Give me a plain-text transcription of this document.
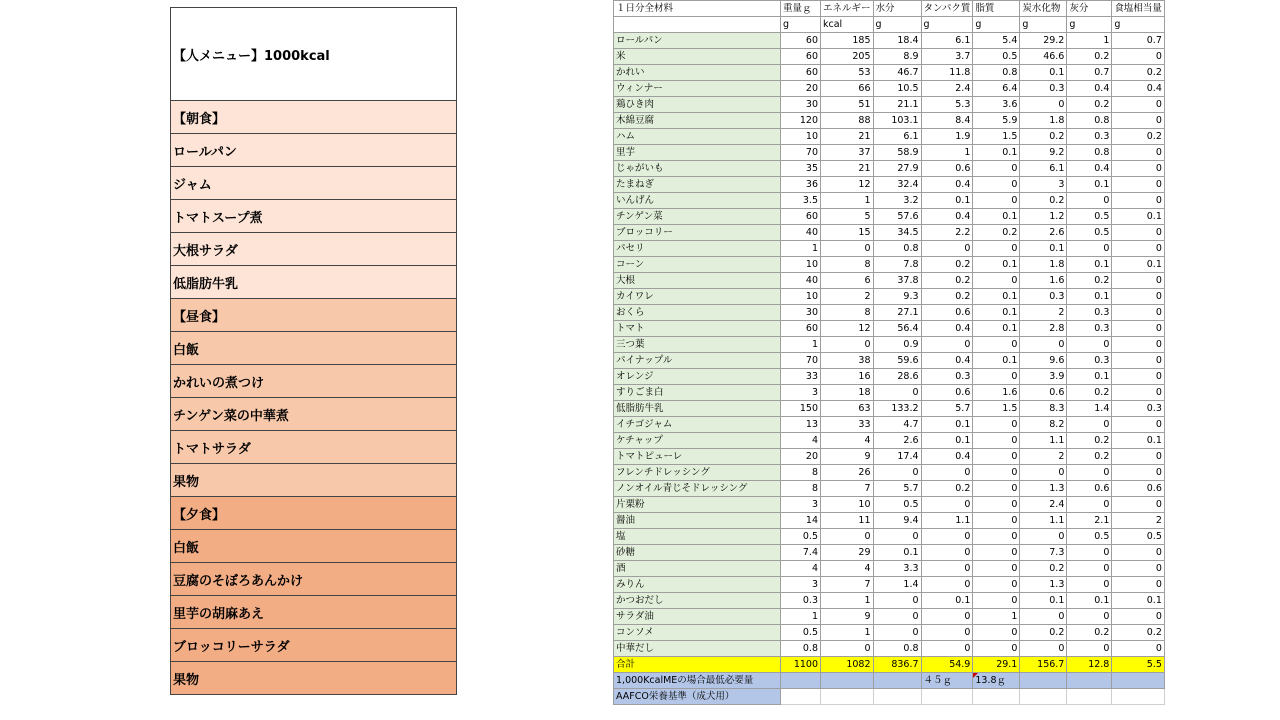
【人メニュー】1000kcal
【朝食】
ロールパン
ジャム
トマトスープ煮
大根サラダ
低脂肪牛乳
【昼食】
白飯
かれいの煮つけ
チンゲン菜の中華煮
トマトサラダ
果物
【夕食】
白飯
豆腐のそぼろあんかけ
里芋の胡麻あえ
ブロッコリーサラダ
果物
１日分全材料	重量ｇ	エネルギー	水分	タンパク質	脂質	炭水化物	灰分	食塩相当量
	g	kcal	g	g	g	g	g	g
ロールパン	60	185	18.4	6.1	5.4	29.2	1	0.7
米	60	205	8.9	3.7	0.5	46.6	0.2	0
かれい	60	53	46.7	11.8	0.8	0.1	0.7	0.2
ウィンナー	20	66	10.5	2.4	6.4	0.3	0.4	0.4
鶏ひき肉	30	51	21.1	5.3	3.6	0	0.2	0
木綿豆腐	120	88	103.1	8.4	5.9	1.8	0.8	0
ハム	10	21	6.1	1.9	1.5	0.2	0.3	0.2
里芋	70	37	58.9	1	0.1	9.2	0.8	0
じゃがいも	35	21	27.9	0.6	0	6.1	0.4	0
たまねぎ	36	12	32.4	0.4	0	3	0.1	0
いんげん	3.5	1	3.2	0.1	0	0.2	0	0
チンゲン菜	60	5	57.6	0.4	0.1	1.2	0.5	0.1
ブロッコリー	40	15	34.5	2.2	0.2	2.6	0.5	0
パセリ	1	0	0.8	0	0	0.1	0	0
コーン	10	8	7.8	0.2	0.1	1.8	0.1	0.1
大根	40	6	37.8	0.2	0	1.6	0.2	0
カイワレ	10	2	9.3	0.2	0.1	0.3	0.1	0
おくら	30	8	27.1	0.6	0.1	2	0.3	0
トマト	60	12	56.4	0.4	0.1	2.8	0.3	0
三つ葉	1	0	0.9	0	0	0	0	0
パイナップル	70	38	59.6	0.4	0.1	9.6	0.3	0
オレンジ	33	16	28.6	0.3	0	3.9	0.1	0
すりごま白	3	18	0	0.6	1.6	0.6	0.2	0
低脂肪牛乳	150	63	133.2	5.7	1.5	8.3	1.4	0.3
イチゴジャム	13	33	4.7	0.1	0	8.2	0	0
ケチャップ	4	4	2.6	0.1	0	1.1	0.2	0.1
トマトピューレ	20	9	17.4	0.4	0	2	0.2	0
フレンチドレッシング	8	26	0	0	0	0	0	0
ノンオイル青じそドレッシング	8	7	5.7	0.2	0	1.3	0.6	0.6
片栗粉	3	10	0.5	0	0	2.4	0	0
醤油	14	11	9.4	1.1	0	1.1	2.1	2
塩	0.5	0	0	0	0	0	0.5	0.5
砂糖	7.4	29	0.1	0	0	7.3	0	0
酒	4	4	3.3	0	0	0.2	0	0
みりん	3	7	1.4	0	0	1.3	0	0
かつおだし	0.3	1	0	0.1	0	0.1	0.1	0.1
サラダ油	1	9	0	0	1	0	0	0
コンソメ	0.5	1	0	0	0	0.2	0.2	0.2
中華だし	0.8	0	0.8	0	0	0	0	0
合計	1100	1082	836.7	54.9	29.1	156.7	12.8	5.5
1,000KcalMEの場合最低必要量				４５ｇ	13.8ｇ			
AAFCO栄養基準（成犬用）								
